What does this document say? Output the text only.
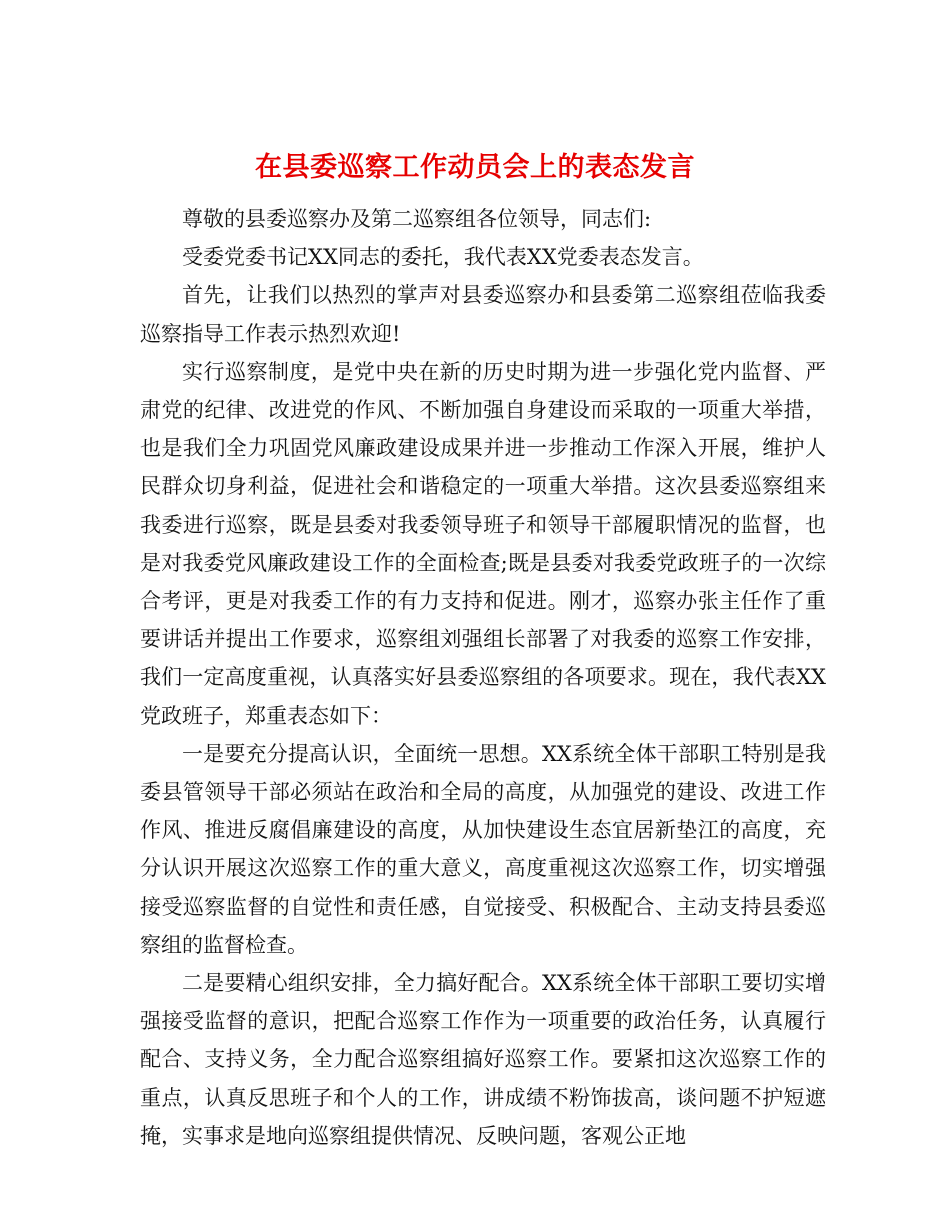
在县委巡察工作动员会上的表态发言

尊敬的县委巡察办及第二巡察组各位领导，同志们:

受委党委书记XX同志的委托，我代表XX党委表态发言。

首先，让我们以热烈的掌声对县委巡察办和县委第二巡察组莅临我委巡察指导工作表示热烈欢迎!

实行巡察制度，是党中央在新的历史时期为进一步强化党内监督、严肃党的纪律、改进党的作风、不断加强自身建设而采取的一项重大举措，也是我们全力巩固党风廉政建设成果并进一步推动工作深入开展，维护人民群众切身利益，促进社会和谐稳定的一项重大举措。这次县委巡察组来我委进行巡察，既是县委对我委领导班子和领导干部履职情况的监督，也是对我委党风廉政建设工作的全面检查;既是县委对我委党政班子的一次综合考评，更是对我委工作的有力支持和促进。刚才，巡察办张主任作了重要讲话并提出工作要求，巡察组刘强组长部署了对我委的巡察工作安排，我们一定高度重视，认真落实好县委巡察组的各项要求。现在，我代表XX党政班子，郑重表态如下：

一是要充分提高认识，全面统一思想。XX系统全体干部职工特别是我委县管领导干部必须站在政治和全局的高度，从加强党的建设、改进工作作风、推进反腐倡廉建设的高度，从加快建设生态宜居新垫江的高度，充分认识开展这次巡察工作的重大意义，高度重视这次巡察工作，切实增强接受巡察监督的自觉性和责任感，自觉接受、积极配合、主动支持县委巡察组的监督检查。

二是要精心组织安排，全力搞好配合。XX系统全体干部职工要切实增强接受监督的意识，把配合巡察工作作为一项重要的政治任务，认真履行配合、支持义务，全力配合巡察组搞好巡察工作。要紧扣这次巡察工作的重点，认真反思班子和个人的工作，讲成绩不粉饰拔高，谈问题不护短遮掩，实事求是地向巡察组提供情况、反映问题，客观公正地
